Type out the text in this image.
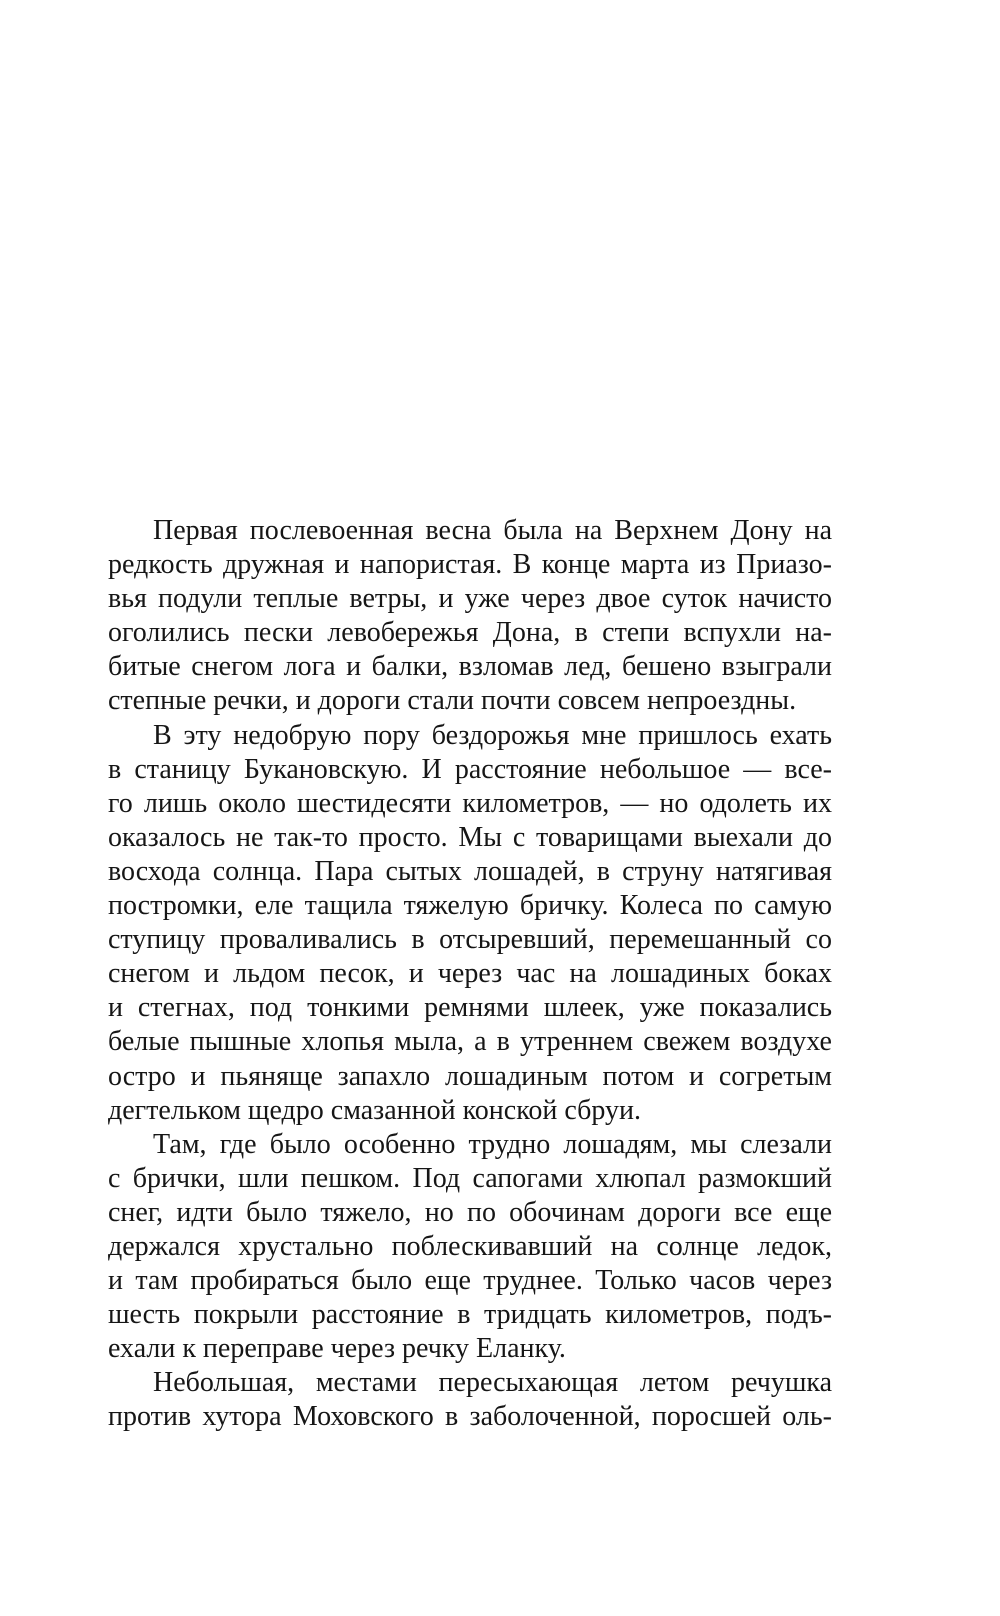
Первая послевоенная весна была на Верхнем Дону на
редкость дружная и напористая. В конце марта из Приазо-
вья подули теплые ветры, и уже через двое суток начисто
оголились пески левобережья Дона, в степи вспухли на-
битые снегом лога и балки, взломав лед, бешено взыграли
степные речки, и дороги стали почти совсем непроездны.
В эту недобрую пору бездорожья мне пришлось ехать
в станицу Букановскую. И расстояние небольшое — все-
го лишь около шестидесяти километров, — но одолеть их
оказалось не так-то просто. Мы с товарищами выехали до
восхода солнца. Пара сытых лошадей, в струну натягивая
постромки, еле тащила тяжелую бричку. Колеса по самую
ступицу проваливались в отсыревший, перемешанный со
снегом и льдом песок, и через час на лошадиных боках
и стегнах, под тонкими ремнями шлеек, уже показались
белые пышные хлопья мыла, а в утреннем свежем воздухе
остро и пьяняще запахло лошадиным потом и согретым
дегтельком щедро смазанной конской сбруи.
Там, где было особенно трудно лошадям, мы слезали
с брички, шли пешком. Под сапогами хлюпал размокший
снег, идти было тяжело, но по обочинам дороги все еще
держался хрустально поблескивавший на солнце ледок,
и там пробираться было еще труднее. Только часов через
шесть покрыли расстояние в тридцать километров, подъ-
ехали к переправе через речку Еланку.
Небольшая, местами пересыхающая летом речушка
против хутора Моховского в заболоченной, поросшей оль-
